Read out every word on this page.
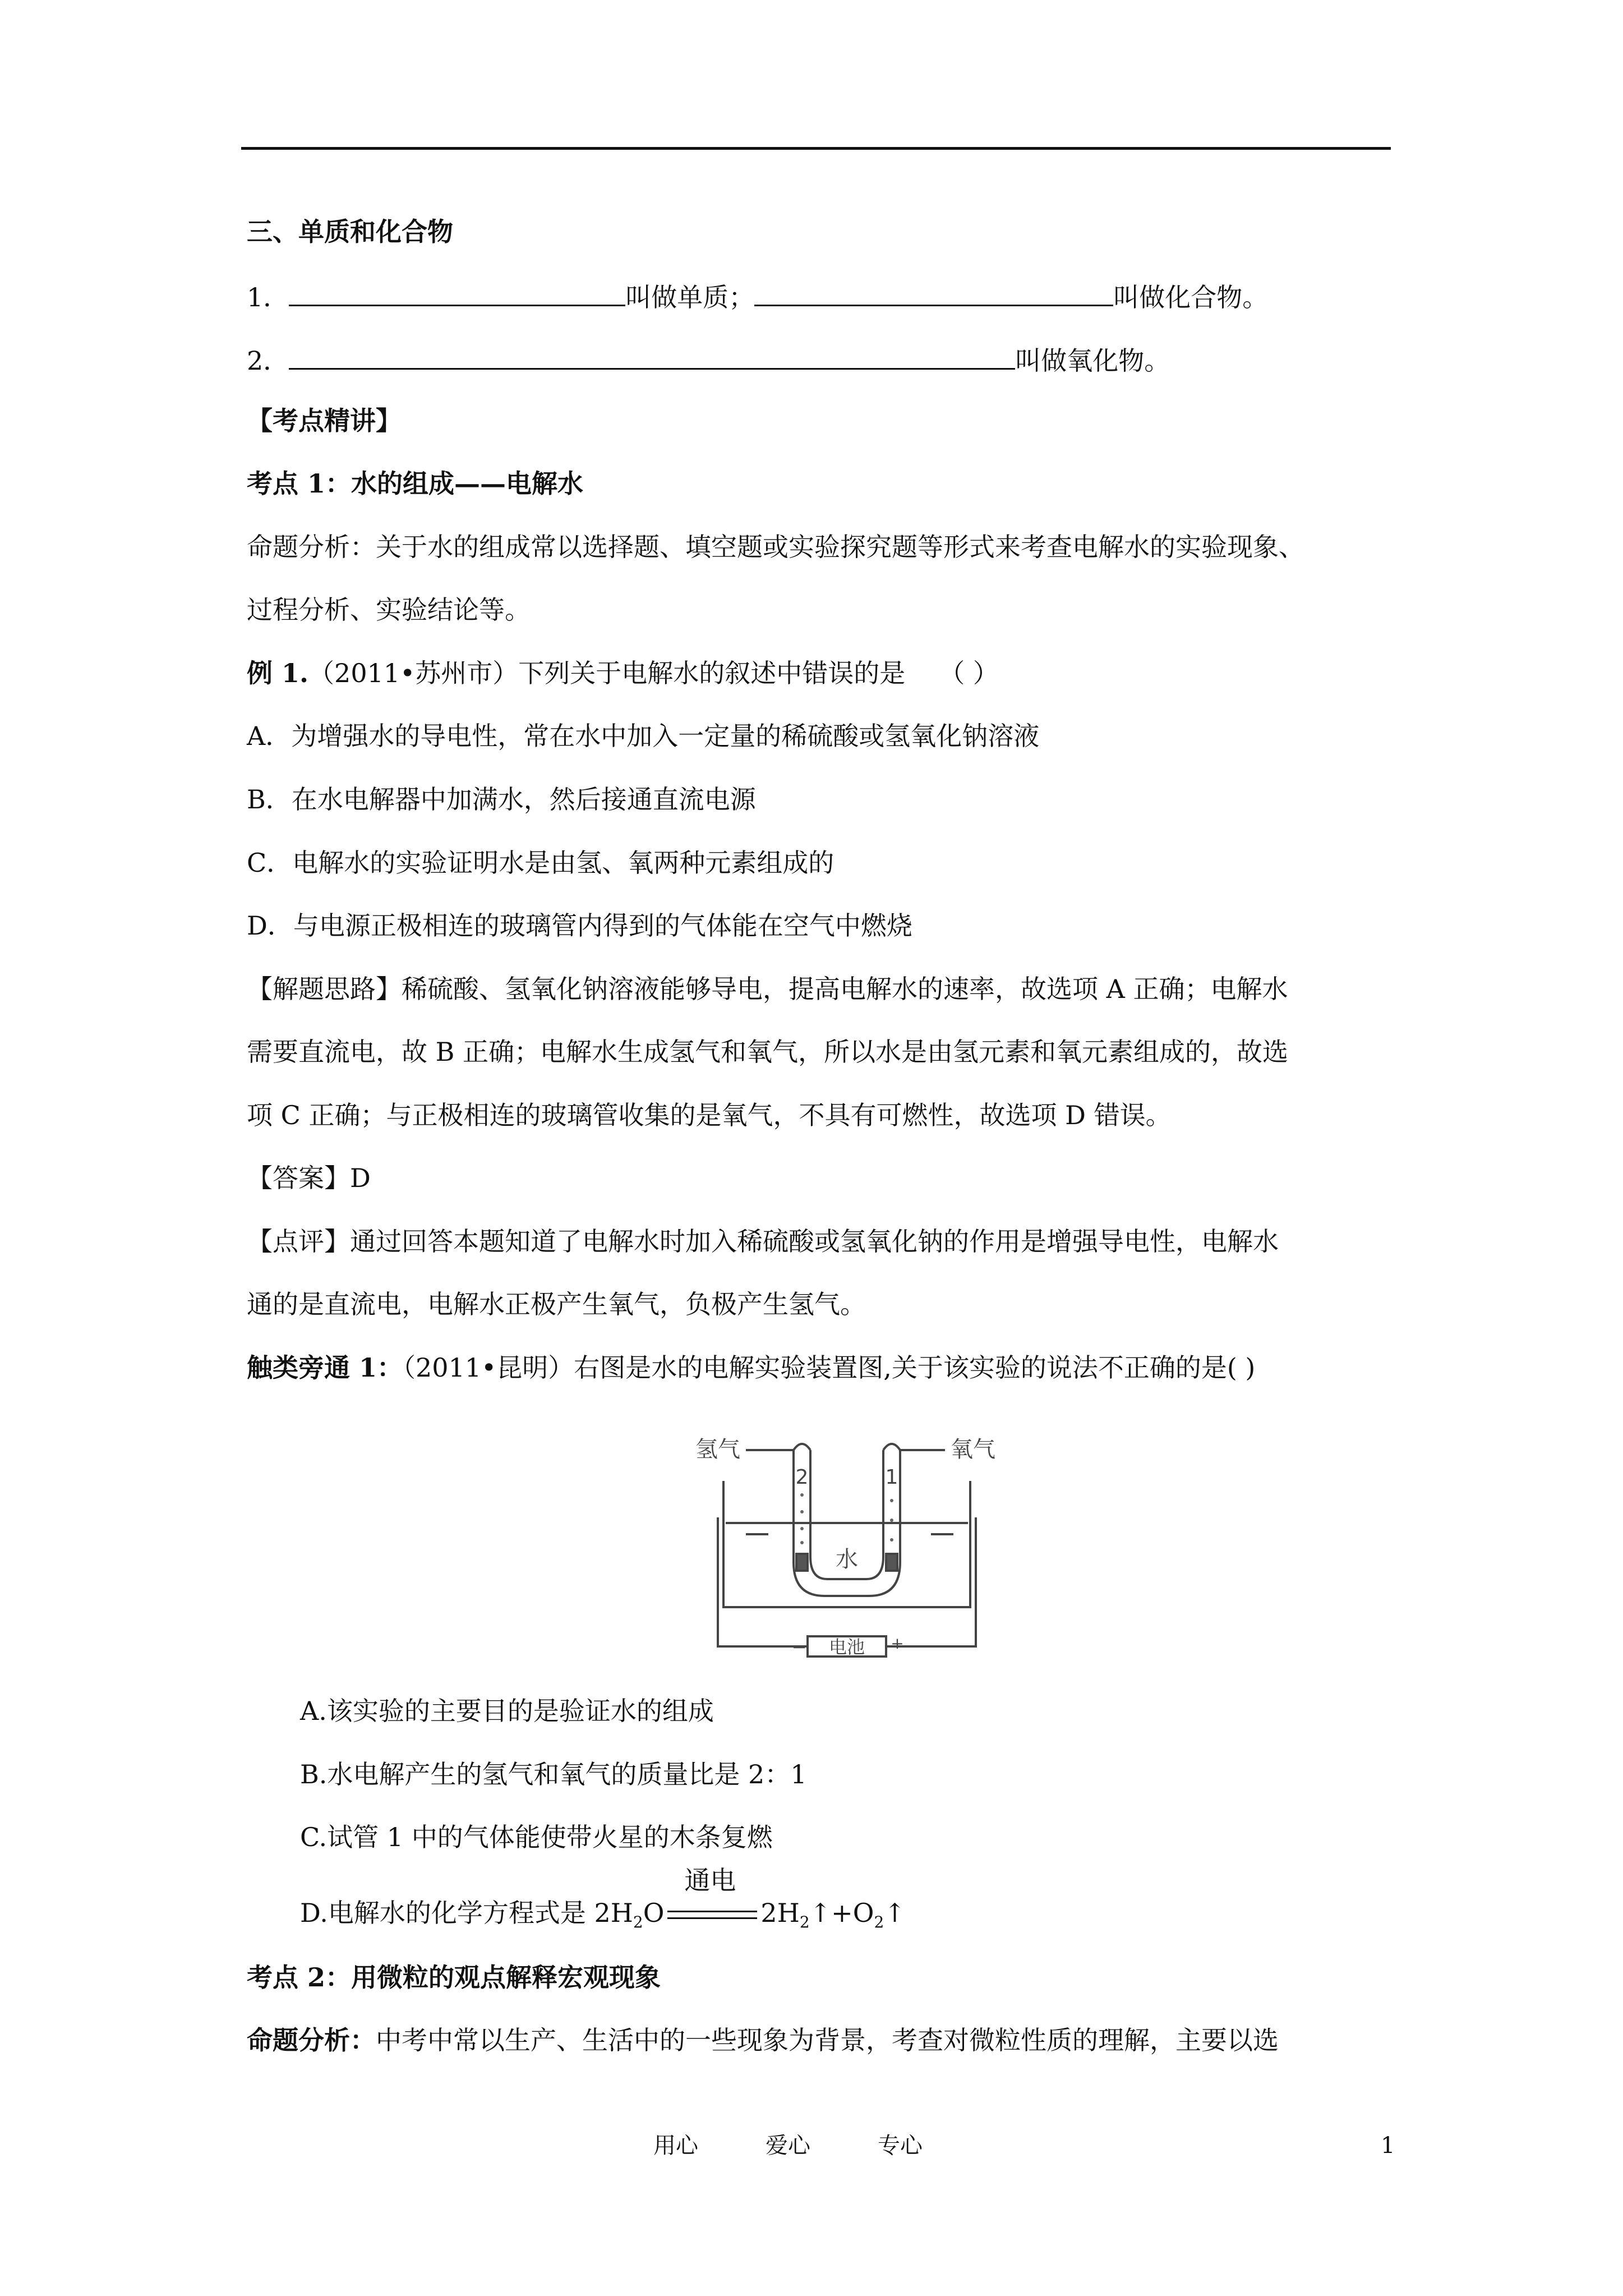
三、单质和化合物
1．	叫做单质；	叫做化合物。
2．	叫做氧化物。
【考点精讲】
考点 1：水的组成——电解水
命题分析：关于水的组成常以选择题、填空题或实验探究题等形式来考查电解水的实验现象、
过程分析、实验结论等。
例 1.（2011•苏州市）下列关于电解水的叙述中错误的是 （ ）
A．为增强水的导电性，常在水中加入一定量的稀硫酸或氢氧化钠溶液
B．在水电解器中加满水，然后接通直流电源
C．电解水的实验证明水是由氢、氧两种元素组成的
D．与电源正极相连的玻璃管内得到的气体能在空气中燃烧
【解题思路】稀硫酸、氢氧化钠溶液能够导电，提高电解水的速率，故选项 A 正确；电解水
需要直流电，故 B 正确；电解水生成氢气和氧气，所以水是由氢元素和氧元素组成的，故选
项 C 正确；与正极相连的玻璃管收集的是氧气，不具有可燃性，故选项 D 错误。
【答案】D
【点评】通过回答本题知道了电解水时加入稀硫酸或氢氧化钠的作用是增强导电性，电解水
通的是直流电，电解水正极产生氧气，负极产生氢气。
触类旁通 1：（2011•昆明）右图是水的电解实验装置图,关于该实验的说法不正确的是( )
氢气	氧气
2	1
水
电池
−	+
A.该实验的主要目的是验证水的组成
B.水电解产生的氢气和氧气的质量比是 2：1
C.试管 1 中的气体能使带火星的木条复燃
D.电解水的化学方程式是 $2H_2O$
通电
$2H_2↑+O_2↑$
考点 2：用微粒的观点解释宏观现象
命题分析：中考中常以生产、生活中的一些现象为背景，考查对微粒性质的理解，主要以选
用心	爱心	专心	1
